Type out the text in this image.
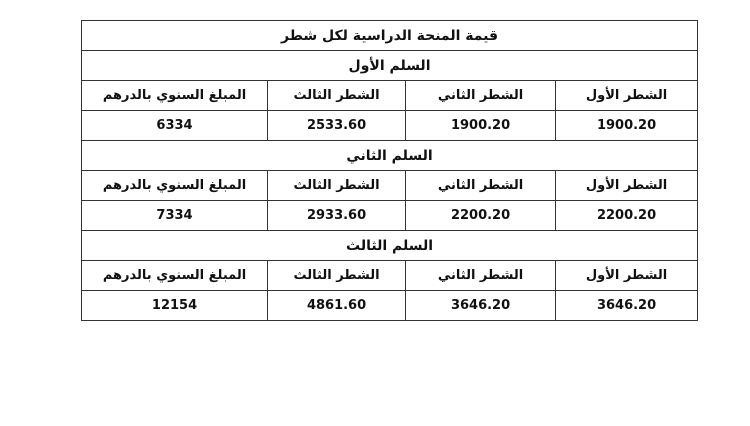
قيمة المنحة الدراسية لكل شطر			
السلم الأول			
الشطر الأول	الشطر الثاني	الشطر الثالث	المبلغ السنوي بالدرهم
1900.20	1900.20	2533.60	6334
السلم الثاني			
الشطر الأول	الشطر الثاني	الشطر الثالث	المبلغ السنوي بالدرهم
2200.20	2200.20	2933.60	7334
السلم الثالث			
الشطر الأول	الشطر الثاني	الشطر الثالث	المبلغ السنوي بالدرهم
3646.20	3646.20	4861.60	12154
